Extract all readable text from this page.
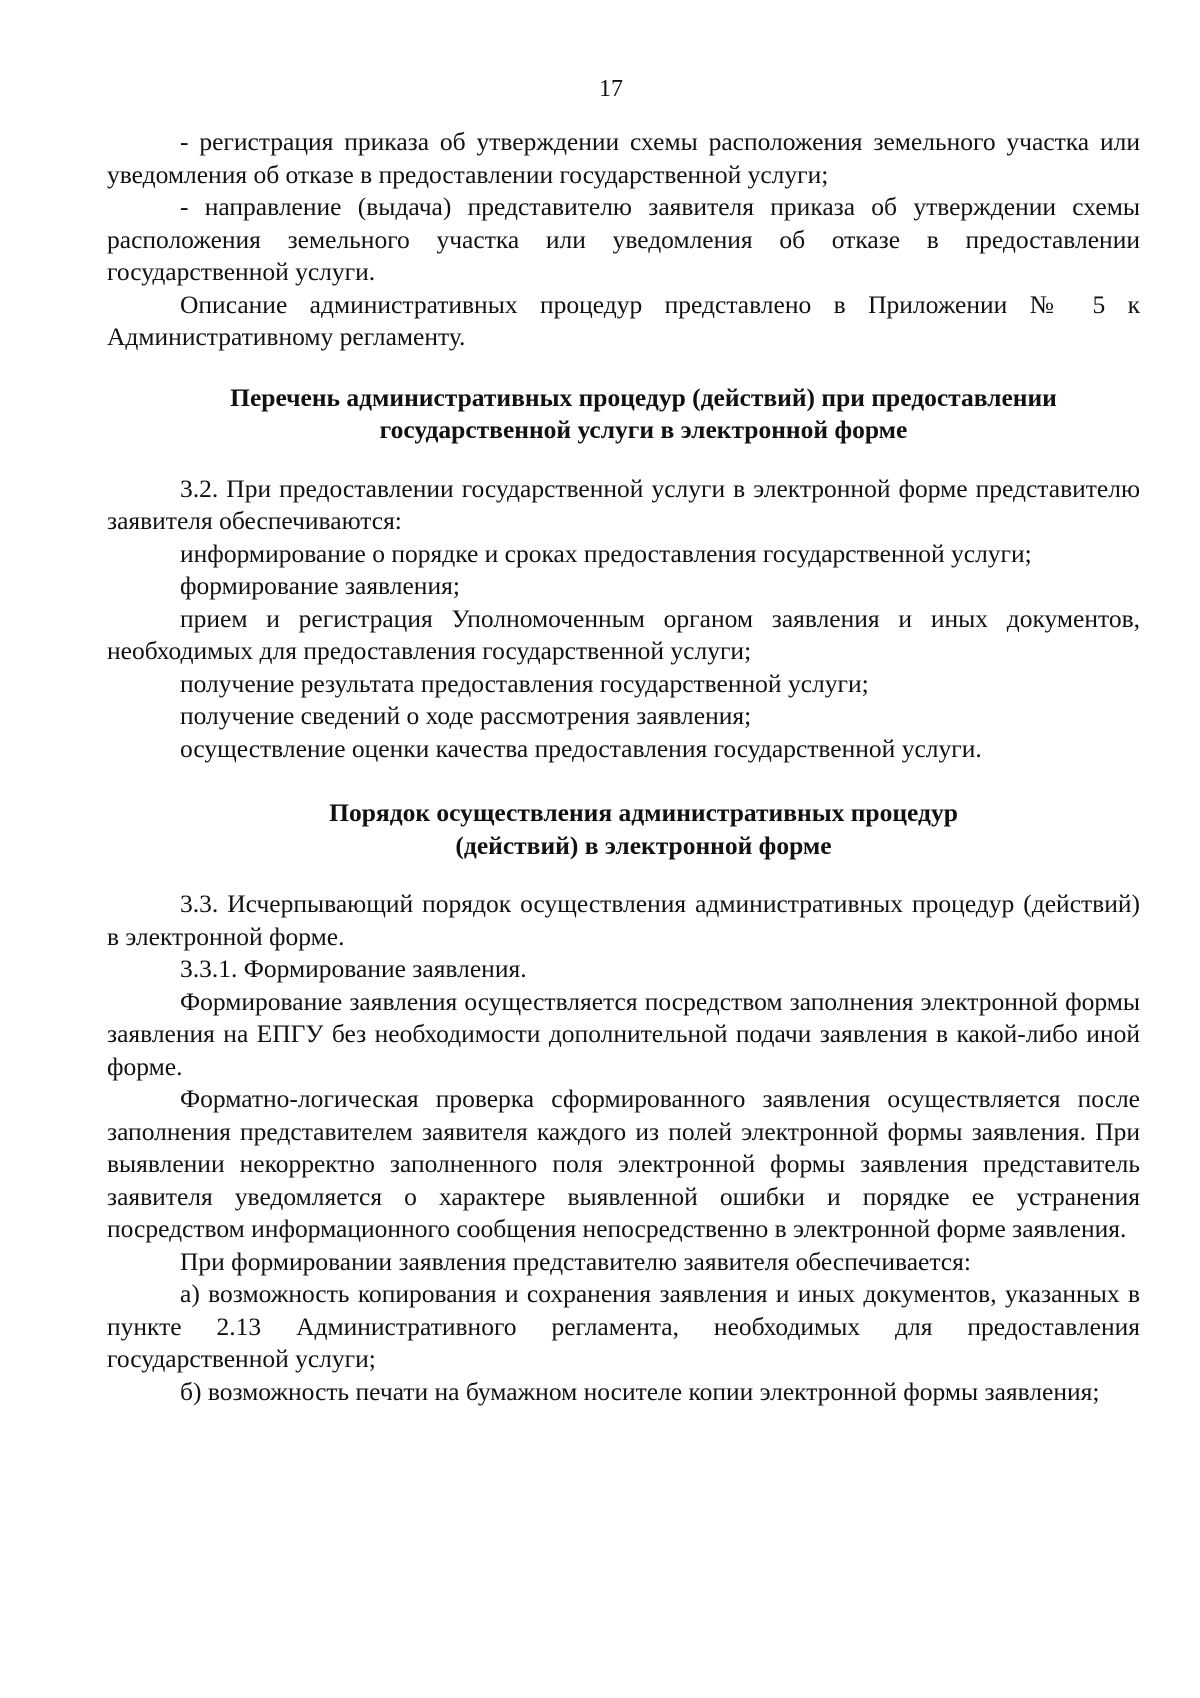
17

- регистрация приказа об утверждении схемы расположения земельного участка или уведомления об отказе в предоставлении государственной услуги;

- направление (выдача) представителю заявителя приказа об утверждении схемы расположения земельного участка или уведомления об отказе в предоставлении государственной услуги.

Описание административных процедур представлено в Приложении № 5 к Административному регламенту.

Перечень административных процедур (действий) при предоставлении
государственной услуги в электронной форме

3.2. При предоставлении государственной услуги в электронной форме представителю заявителя обеспечиваются:

информирование о порядке и сроках предоставления государственной услуги;

формирование заявления;

прием и регистрация Уполномоченным органом заявления и иных документов, необходимых для предоставления государственной услуги;

получение результата предоставления государственной услуги;

получение сведений о ходе рассмотрения заявления;

осуществление оценки качества предоставления государственной услуги.

Порядок осуществления административных процедур
(действий) в электронной форме

3.3. Исчерпывающий порядок осуществления административных процедур (действий) в электронной форме.

3.3.1. Формирование заявления.

Формирование заявления осуществляется посредством заполнения электронной формы заявления на ЕПГУ без необходимости дополнительной подачи заявления в какой-либо иной форме.

Форматно-логическая проверка сформированного заявления осуществляется после заполнения представителем заявителя каждого из полей электронной формы заявления. При выявлении некорректно заполненного поля электронной формы заявления представитель заявителя уведомляется о характере выявленной ошибки и порядке ее устранения посредством информационного сообщения непосредственно в электронной форме заявления.

При формировании заявления представителю заявителя обеспечивается:

а) возможность копирования и сохранения заявления и иных документов, указанных в пункте 2.13 Административного регламента, необходимых для предоставления государственной услуги;

б) возможность печати на бумажном носителе копии электронной формы заявления;
